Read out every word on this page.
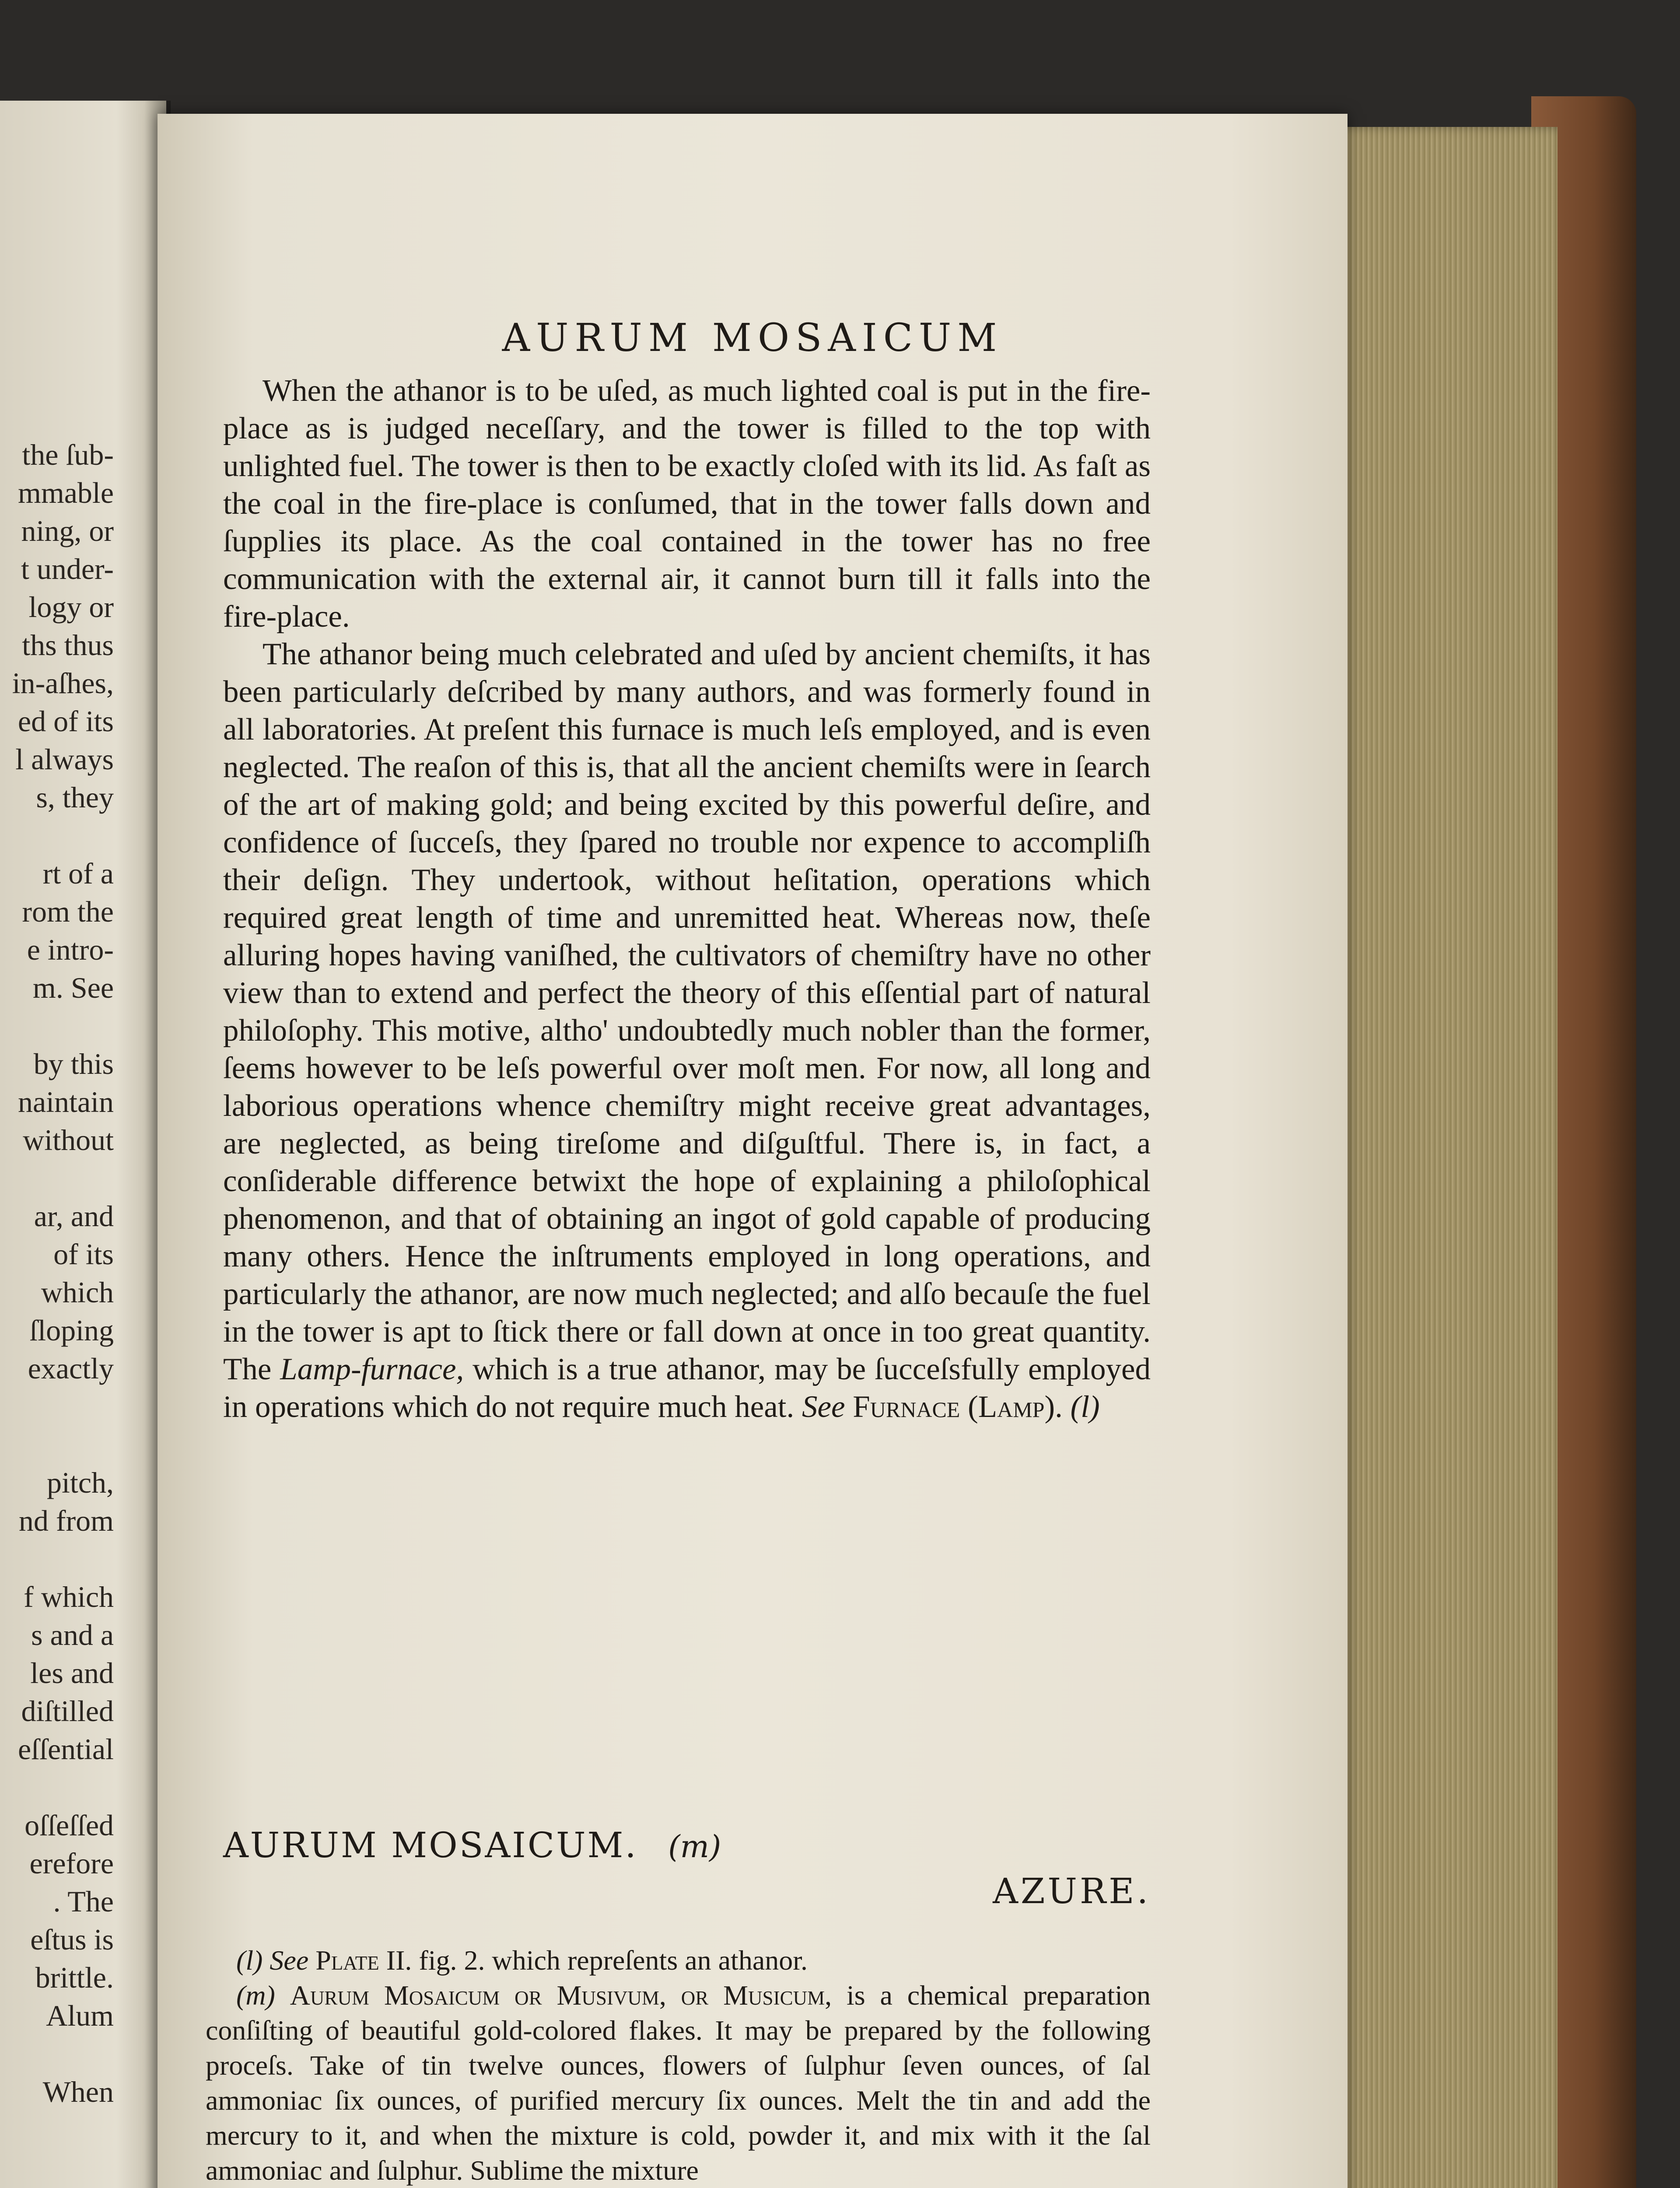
the ſub-
mmable
ning, or
t under-
logy or
ths thus
in-aſhes,
ed of its
l always
s, they
rt of a
rom the
e intro-
m. See
by this
naintain
without
ar, and
of its
which
ſloping
exactly
pitch,
nd from
f which
s and a
les and
diſtilled
eſſential
oſſeſſed
erefore
. The
eſtus is
brittle.
Alum
When
AURUM MOSAICUM

When the athanor is to be uſed, as much lighted coal is put in the fire-place as is judged neceſſary, and the tower is filled to the top with unlighted fuel. The tower is then to be exactly cloſed with its lid. As faſt as the coal in the fire-place is conſumed, that in the tower falls down and ſupplies its place. As the coal contained in the tower has no free communication with the external air, it cannot burn till it falls into the fire-place.

The athanor being much celebrated and uſed by ancient chemiſts, it has been particularly deſcribed by many authors, and was formerly found in all laboratories. At preſent this furnace is much leſs employed, and is even neglected. The reaſon of this is, that all the ancient chemiſts were in ſearch of the art of making gold; and being excited by this powerful deſire, and confidence of ſucceſs, they ſpared no trouble nor expence to accompliſh their deſign. They undertook, without heſitation, operations which required great length of time and unremitted heat. Whereas now, theſe alluring hopes having vaniſhed, the cultivators of chemiſtry have no other view than to extend and perfect the theory of this eſſential part of natural philoſophy. This motive, altho' undoubtedly much nobler than the former, ſeems however to be leſs powerful over moſt men. For now, all long and laborious operations whence chemiſtry might receive great advantages, are neglected, as being tireſome and diſguſtful. There is, in fact, a conſiderable difference betwixt the hope of explaining a philoſophical phenomenon, and that of obtaining an ingot of gold capable of producing many others. Hence the inſtruments employed in long operations, and particularly the athanor, are now much neglected; and alſo becauſe the fuel in the tower is apt to ſtick there or fall down at once in too great quantity. The Lamp-furnace, which is a true athanor, may be ſucceſsfully employed in operations which do not require much heat. See Furnace (Lamp). (l)

AURUM MOSAICUM. (m)
AZURE.

(l) See Plate II. fig. 2. which repreſents an athanor.

(m) Aurum Mosaicum or Musivum, or Musicum, is a chemical preparation conſiſting of beautiful gold-colored flakes. It may be prepared by the following proceſs. Take of tin twelve ounces, flowers of ſulphur ſeven ounces, of ſal ammoniac ſix ounces, of purified mercury ſix ounces. Melt the tin and add the mercury to it, and when the mixture is cold, powder it, and mix with it the ſal ammoniac and ſulphur. Sublime the mixture
